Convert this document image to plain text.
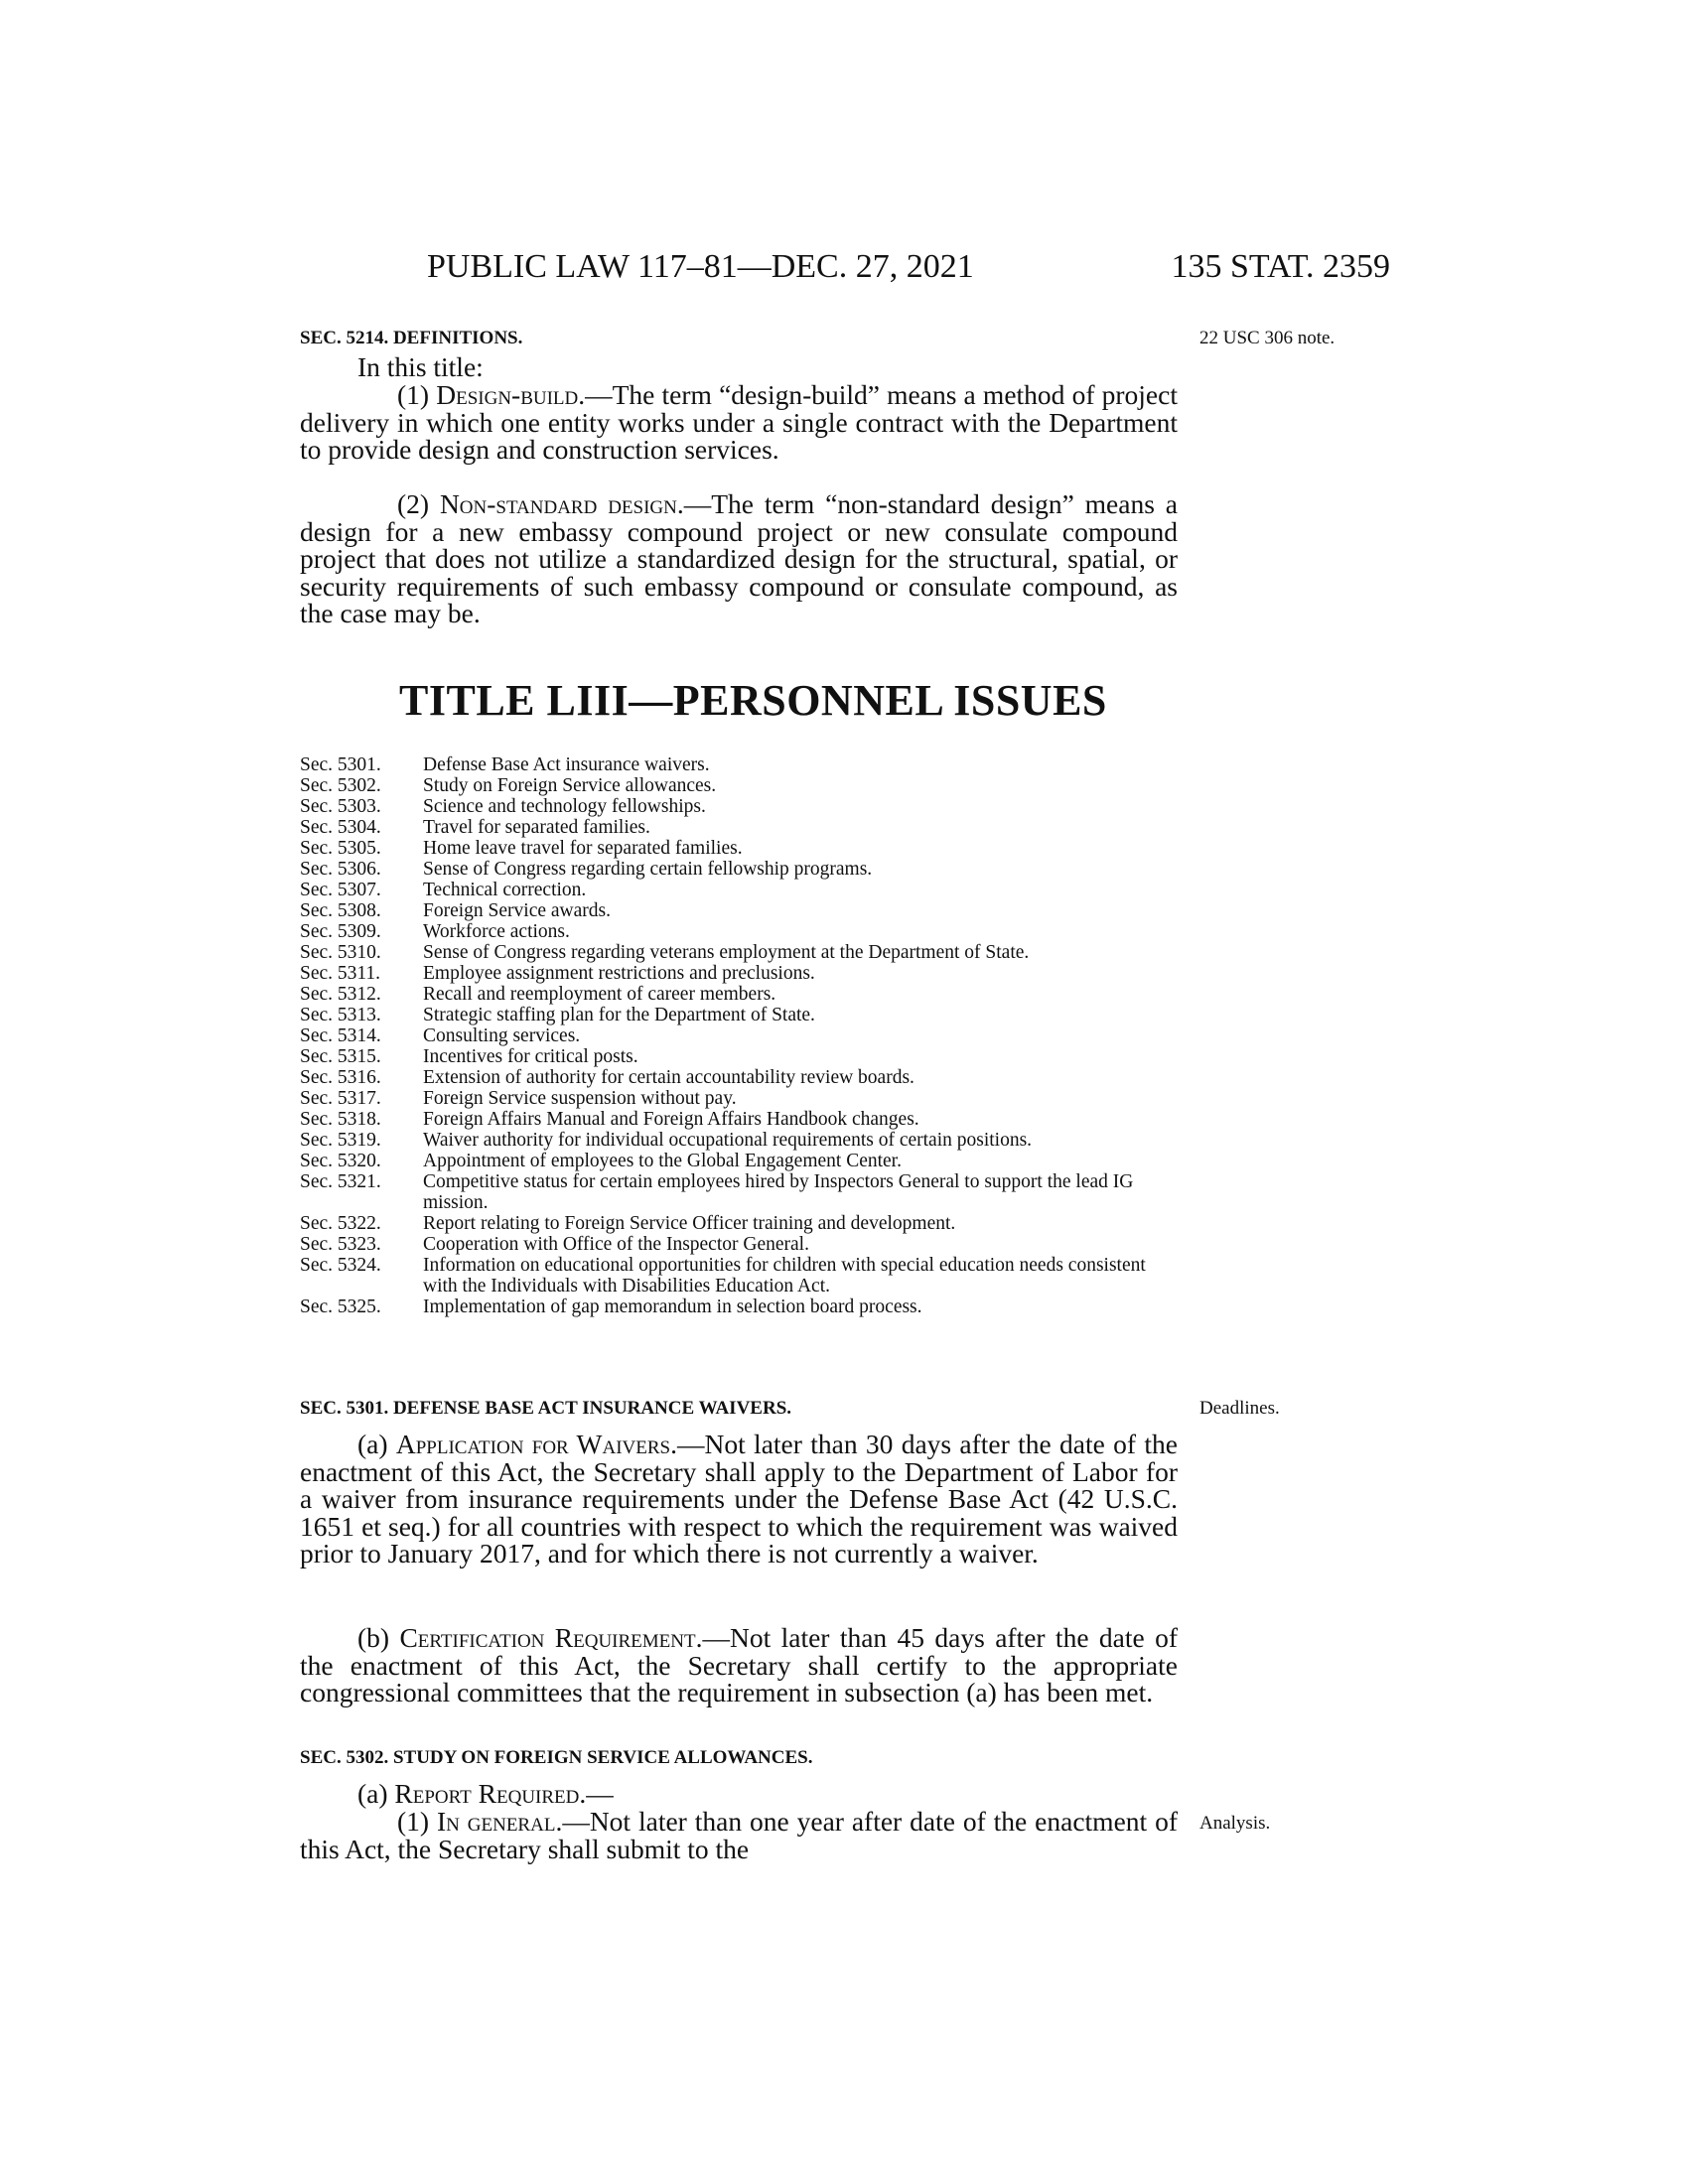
PUBLIC LAW 117–81—DEC. 27, 2021	135 STAT. 2359
SEC. 5214. DEFINITIONS.	22 USC 306 note.
In this title:
(1) Design-build.—The term “design-build” means a method of project delivery in which one entity works under a single contract with the Department to provide design and construction services.
(2) Non-standard design.—The term “non-standard design” means a design for a new embassy compound project or new consulate compound project that does not utilize a standardized design for the structural, spatial, or security requirements of such embassy compound or consulate compound, as the case may be.
TITLE LIII—PERSONNEL ISSUES
Sec. 5301.	Defense Base Act insurance waivers.
Sec. 5302.	Study on Foreign Service allowances.
Sec. 5303.	Science and technology fellowships.
Sec. 5304.	Travel for separated families.
Sec. 5305.	Home leave travel for separated families.
Sec. 5306.	Sense of Congress regarding certain fellowship programs.
Sec. 5307.	Technical correction.
Sec. 5308.	Foreign Service awards.
Sec. 5309.	Workforce actions.
Sec. 5310.	Sense of Congress regarding veterans employment at the Department of State.
Sec. 5311.	Employee assignment restrictions and preclusions.
Sec. 5312.	Recall and reemployment of career members.
Sec. 5313.	Strategic staffing plan for the Department of State.
Sec. 5314.	Consulting services.
Sec. 5315.	Incentives for critical posts.
Sec. 5316.	Extension of authority for certain accountability review boards.
Sec. 5317.	Foreign Service suspension without pay.
Sec. 5318.	Foreign Affairs Manual and Foreign Affairs Handbook changes.
Sec. 5319.	Waiver authority for individual occupational requirements of certain positions.
Sec. 5320.	Appointment of employees to the Global Engagement Center.
Sec. 5321.	Competitive status for certain employees hired by Inspectors General to support the lead IG mission.
Sec. 5322.	Report relating to Foreign Service Officer training and development.
Sec. 5323.	Cooperation with Office of the Inspector General.
Sec. 5324.	Information on educational opportunities for children with special education needs consistent with the Individuals with Disabilities Education Act.
Sec. 5325.	Implementation of gap memorandum in selection board process.
SEC. 5301. DEFENSE BASE ACT INSURANCE WAIVERS.	Deadlines.
(a) Application for Waivers.—Not later than 30 days after the date of the enactment of this Act, the Secretary shall apply to the Department of Labor for a waiver from insurance requirements under the Defense Base Act (42 U.S.C. 1651 et seq.) for all countries with respect to which the requirement was waived prior to January 2017, and for which there is not currently a waiver.
(b) Certification Requirement.—Not later than 45 days after the date of the enactment of this Act, the Secretary shall certify to the appropriate congressional committees that the requirement in subsection (a) has been met.
SEC. 5302. STUDY ON FOREIGN SERVICE ALLOWANCES.
(a) Report Required.—
(1) In general.—Not later than one year after date of the enactment of this Act, the Secretary shall submit to the
Analysis.
